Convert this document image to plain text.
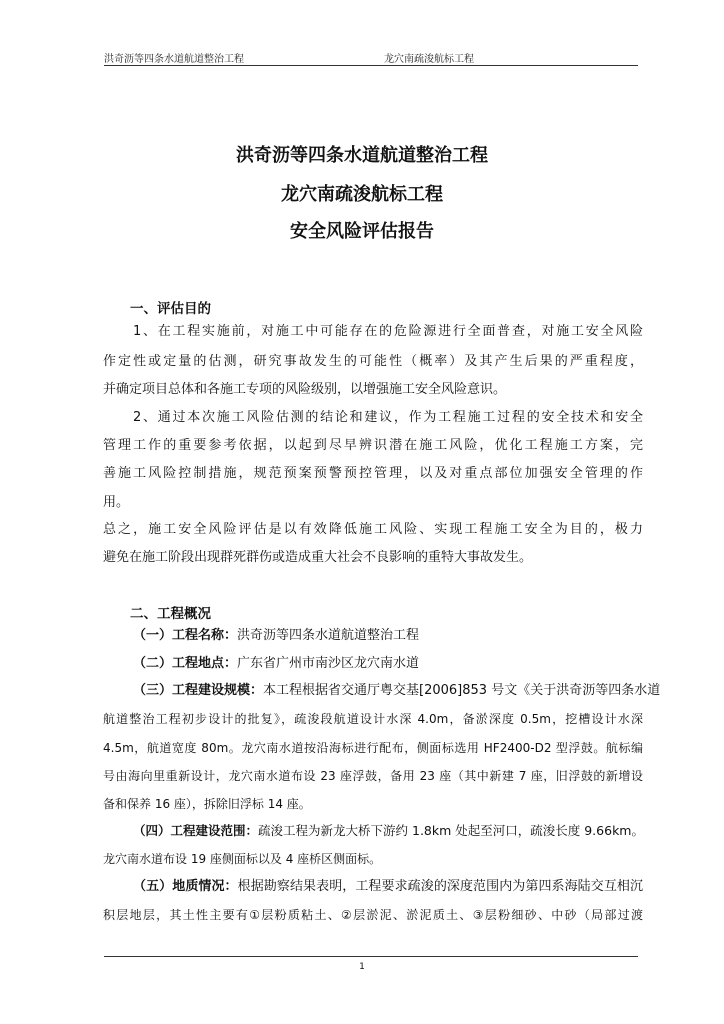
洪奇沥等四条水道航道整治工程	龙穴南疏浚航标工程
洪奇沥等四条水道航道整治工程
龙穴南疏浚航标工程
安全风险评估报告
一、评估目的
1、在工程实施前，对施工中可能存在的危险源进行全面普查，对施工安全风险
作定性或定量的估测，研究事故发生的可能性（概率）及其产生后果的严重程度，
并确定项目总体和各施工专项的风险级别，以增强施工安全风险意识。
2、通过本次施工风险估测的结论和建议，作为工程施工过程的安全技术和安全
管理工作的重要参考依据，以起到尽早辨识潜在施工风险，优化工程施工方案，完
善施工风险控制措施，规范预案预警预控管理，以及对重点部位加强安全管理的作
用。
总之，施工安全风险评估是以有效降低施工风险、实现工程施工安全为目的，极力
避免在施工阶段出现群死群伤或造成重大社会不良影响的重特大事故发生。
二、工程概况
（一）工程名称：洪奇沥等四条水道航道整治工程
（二）工程地点：广东省广州市南沙区龙穴南水道
（三）工程建设规模：本工程根据省交通厅粤交基[2006]853 号文《关于洪奇沥等四条水道
航道整治工程初步设计的批复》，疏浚段航道设计水深 4.0m，备淤深度 0.5m，挖槽设计水深
4.5m，航道宽度 80m。龙穴南水道按沿海标进行配布，侧面标选用 HF2400-D2 型浮鼓。航标编
号由海向里重新设计，龙穴南水道布设 23 座浮鼓，备用 23 座（其中新建 7 座，旧浮鼓的新增设
备和保养 16 座），拆除旧浮标 14 座。
（四）工程建设范围：疏浚工程为新龙大桥下游约 1.8km 处起至河口，疏浚长度 9.66km。
龙穴南水道布设 19 座侧面标以及 4 座桥区侧面标。
（五）地质情况：根据勘察结果表明，工程要求疏浚的深度范围内为第四系海陆交互相沉
积层地层，其土性主要有①层粉质粘土、②层淤泥、淤泥质土、③层粉细砂、中砂（局部过渡
1
